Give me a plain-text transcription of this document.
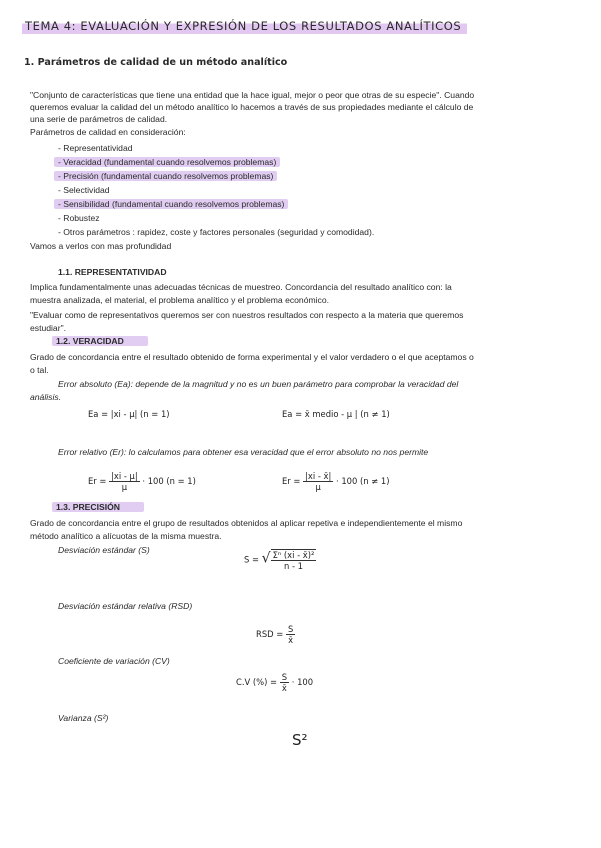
TEMA 4: EVALUACIÓN Y EXPRESIÓN DE LOS RESULTADOS ANALÍTICOS
1. Parámetros de calidad de un método analítico
"Conjunto de características que tiene una entidad que la hace igual, mejor o peor que otras de su especie". Cuando
queremos evaluar la calidad del un método analítico lo hacemos a través de sus propiedades mediante el cálculo de
una serie de parámetros de calidad.
Parámetros de calidad en consideración:
- Representatividad
- Veracidad (fundamental cuando resolvemos problemas)
- Precisión (fundamental cuando resolvemos problemas)
- Selectividad
- Sensibilidad (fundamental cuando resolvemos problemas)
- Robustez
- Otros parámetros : rapidez, coste y factores personales (seguridad y comodidad).
Vamos a verlos con mas profundidad
1.1. REPRESENTATIVIDAD
Implica fundamentalmente unas adecuadas técnicas de muestreo. Concordancia del resultado analítico con: la
muestra analizada, el material, el problema analítico y el problema económico.
"Evaluar como de representativos queremos ser con nuestros resultados con respecto a la materia que queremos
estudiar".
1.2. VERACIDAD
Grado de concordancia entre el resultado obtenido de forma experimental y el valor verdadero o el que aceptamos o
o tal.
Error absoluto (Ea): depende de la magnitud y no es un buen parámetro para comprobar la veracidad del
análisis.
Ea = |xi - μ| (n = 1)	Ea = x̄ medio - μ | (n ≠ 1)
Error relativo (Er): lo calculamos para obtener esa veracidad que el error absoluto no nos permite
$Er = \frac{|xi - \mu|}{\mu} \cdot 100$ (n = 1)	$Er = \frac{|xi - x̄|}{\mu} \cdot 100$ (n ≠ 1)
1.3. PRECISIÓN
Grado de concordancia entre el grupo de resultados obtenidos al aplicar repetiva e independientemente el mismo
método analítico a alícuotas de la misma muestra.
Desviación estándar (S)
S = √ $\frac{\text{Σⁿ (xi - x̄)²}}{n - 1}$
Desviación estándar relativa (RSD)
RSD = $\frac{S}{x̄}$
Coeficiente de variación (CV)
C.V (%) = $\frac{S}{x̄} \cdot 100$
Varianza (S²)
S²
